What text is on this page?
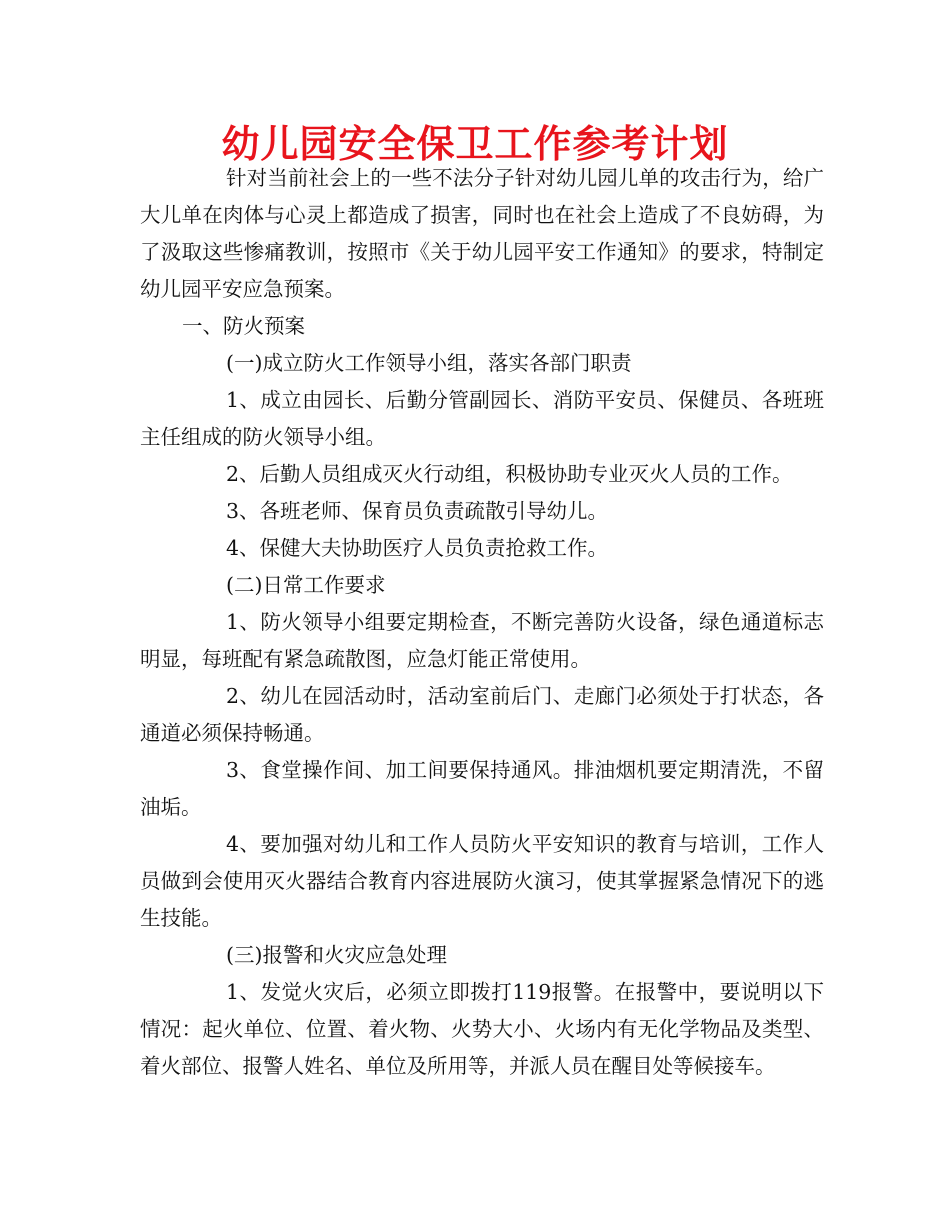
幼儿园安全保卫工作参考计划

针对当前社会上的一些不法分子针对幼儿园儿单的攻击行为，给广大儿单在肉体与心灵上都造成了损害，同时也在社会上造成了不良妨碍，为了汲取这些惨痛教训，按照市《关于幼儿园平安工作通知》的要求，特制定幼儿园平安应急预案。

一、防火预案

(一)成立防火工作领导小组，落实各部门职责

1、成立由园长、后勤分管副园长、消防平安员、保健员、各班班主任组成的防火领导小组。

2、后勤人员组成灭火行动组，积极协助专业灭火人员的工作。

3、各班老师、保育员负责疏散引导幼儿。

4、保健大夫协助医疗人员负责抢救工作。

(二)日常工作要求

1、防火领导小组要定期检查，不断完善防火设备，绿色通道标志明显，每班配有紧急疏散图，应急灯能正常使用。

2、幼儿在园活动时，活动室前后门、走廊门必须处于打状态，各通道必须保持畅通。

3、食堂操作间、加工间要保持通风。排油烟机要定期清洗，不留油垢。

4、要加强对幼儿和工作人员防火平安知识的教育与培训，工作人员做到会使用灭火器结合教育内容进展防火演习，使其掌握紧急情况下的逃生技能。

(三)报警和火灾应急处理

1、发觉火灾后，必须立即拨打119报警。在报警中，要说明以下情况：起火单位、位置、着火物、火势大小、火场内有无化学物品及类型、着火部位、报警人姓名、单位及所用等，并派人员在醒目处等候接车。
